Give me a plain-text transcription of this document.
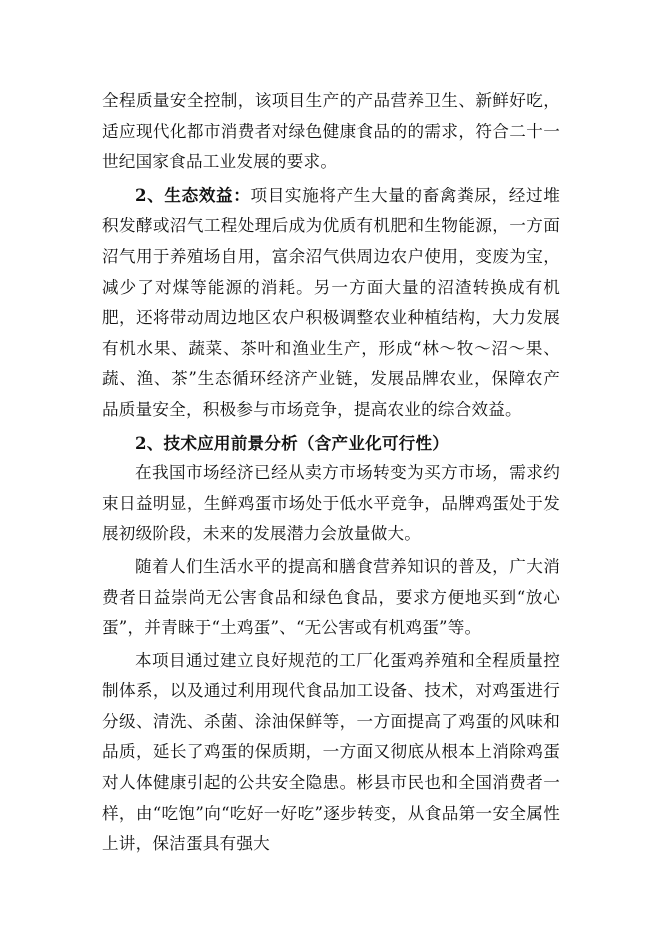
全程质量安全控制，该项目生产的产品营养卫生、新鲜好吃，适应现代化都市消费者对绿色健康食品的的需求，符合二十一世纪国家食品工业发展的要求。

2、生态效益：项目实施将产生大量的畜禽粪尿，经过堆积发酵或沼气工程处理后成为优质有机肥和生物能源，一方面沼气用于养殖场自用，富余沼气供周边农户使用，变废为宝，减少了对煤等能源的消耗。另一方面大量的沼渣转换成有机肥，还将带动周边地区农户积极调整农业种植结构，大力发展有机水果、蔬菜、茶叶和渔业生产，形成“林～牧～沼～果、蔬、渔、茶”生态循环经济产业链，发展品牌农业，保障农产品质量安全，积极参与市场竞争，提高农业的综合效益。

2、技术应用前景分析（含产业化可行性）

在我国市场经济已经从卖方市场转变为买方市场，需求约束日益明显，生鲜鸡蛋市场处于低水平竞争，品牌鸡蛋处于发展初级阶段，未来的发展潜力会放量做大。

随着人们生活水平的提高和膳食营养知识的普及，广大消费者日益崇尚无公害食品和绿色食品，要求方便地买到“放心蛋”，并青睐于“土鸡蛋”、“无公害或有机鸡蛋”等。

本项目通过建立良好规范的工厂化蛋鸡养殖和全程质量控制体系，以及通过利用现代食品加工设备、技术，对鸡蛋进行分级、清洗、杀菌、涂油保鲜等，一方面提高了鸡蛋的风味和品质，延长了鸡蛋的保质期，一方面又彻底从根本上消除鸡蛋对人体健康引起的公共安全隐患。彬县市民也和全国消费者一样，由“吃饱”向“吃好一好吃”逐步转变，从食品第一安全属性上讲，保洁蛋具有强大
